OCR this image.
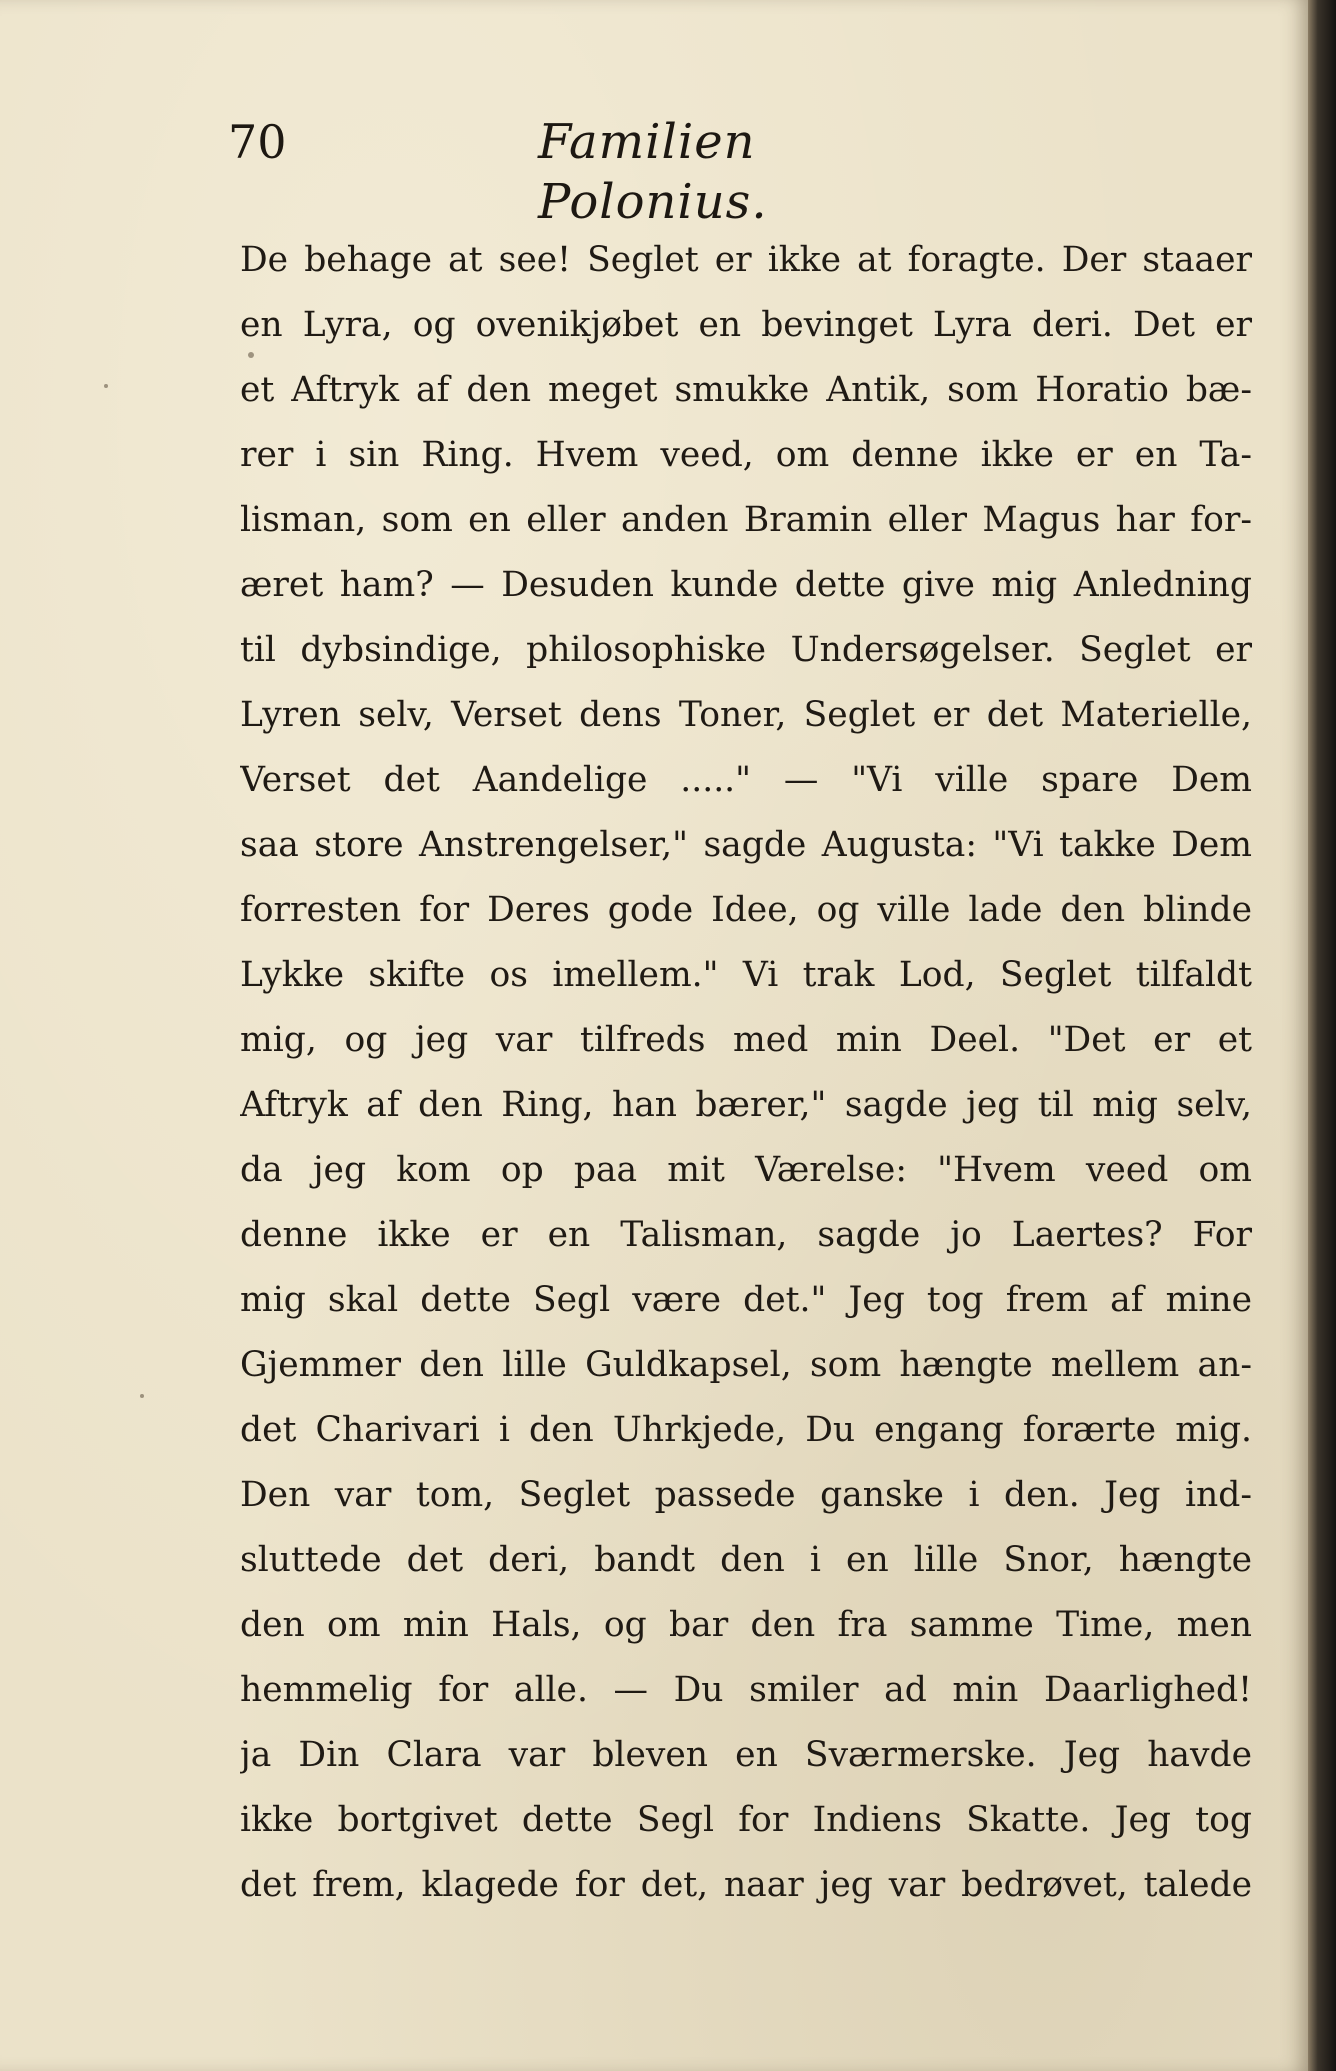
70	Familien Polonius.
De behage at see! Seglet er ikke at foragte. Der staaer
en Lyra, og ovenikjøbet en bevinget Lyra deri. Det er
et Aftryk af den meget smukke Antik, som Horatio bæ-
rer i sin Ring. Hvem veed, om denne ikke er en Ta-
lisman, som en eller anden Bramin eller Magus har for-
æret ham? — Desuden kunde dette give mig Anledning
til dybsindige, philosophiske Undersøgelser. Seglet er
Lyren selv, Verset dens Toner, Seglet er det Materielle,
Verset det Aandelige ....." — "Vi ville spare Dem
saa store Anstrengelser," sagde Augusta: "Vi takke Dem
forresten for Deres gode Idee, og ville lade den blinde
Lykke skifte os imellem." Vi trak Lod, Seglet tilfaldt
mig, og jeg var tilfreds med min Deel. "Det er et
Aftryk af den Ring, han bærer," sagde jeg til mig selv,
da jeg kom op paa mit Værelse: "Hvem veed om
denne ikke er en Talisman, sagde jo Laertes? For
mig skal dette Segl være det." Jeg tog frem af mine
Gjemmer den lille Guldkapsel, som hængte mellem an-
det Charivari i den Uhrkjede, Du engang forærte mig.
Den var tom, Seglet passede ganske i den. Jeg ind-
sluttede det deri, bandt den i en lille Snor, hængte
den om min Hals, og bar den fra samme Time, men
hemmelig for alle. — Du smiler ad min Daarlighed!
ja Din Clara var bleven en Sværmerske. Jeg havde
ikke bortgivet dette Segl for Indiens Skatte. Jeg tog
det frem, klagede for det, naar jeg var bedrøvet, talede
